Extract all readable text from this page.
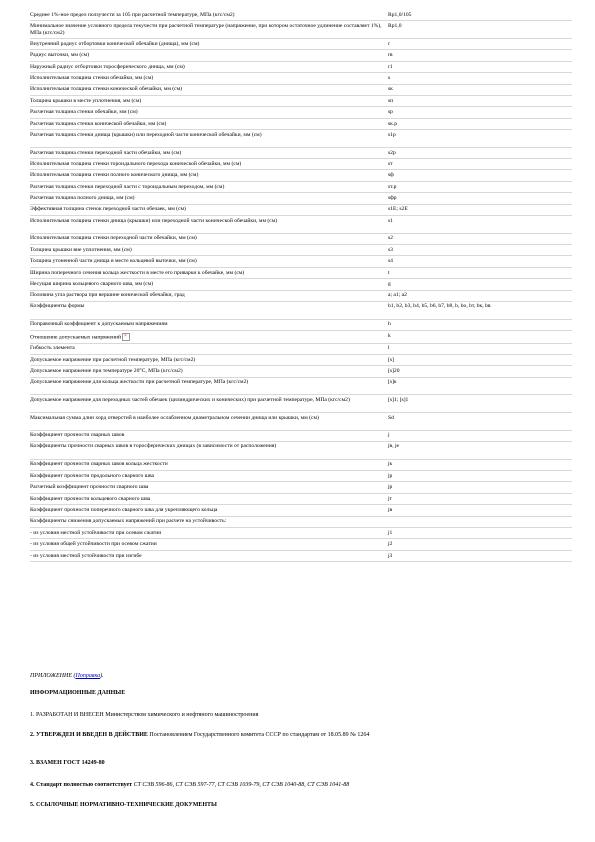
Среднее 1%-ное предел ползучести за 105 при расчетной температуре, МПа (кгс/см2)	Rp1,0/105
Минимальное значение условного предела текучести при расчетной температуре (напряжение, при котором остаточное удлинение составляет 1%), МПа (кгс/см2)	Rp1,0
Внутренний радиус отбортовки конической обечайки (днища), мм (см)	r
Радиус выточки, мм (см)	rв
Наружный радиус отбортовки торосферического днища, мм (см)	r1
Исполнительная толщина стенки обечайки, мм (см)	s
Исполнительная толщина стенки конической обечайки, мм (см)	sк
Толщина крышки в месте уплотнения, мм (см)	sп
Расчетная толщина стенки обечайки, мм (см)	sр
Расчетная толщина стенки конической обечайки, мм (см)	sк.р
Расчетная толщина стенки днища (крышки) или переходной части конической обечайки, мм (см)	s1р
Расчетная толщина стенки переходной части обечайки, мм (см)	s2р
Исполнительная толщина стенки тороидального перехода конической обечайки, мм (см)	sт
Исполнительная толщина стенки полного конического днища, мм (см)	sф
Расчетная толщина стенки переходной части с тороидальным переходом, мм (см)	sт.р
Расчетная толщина полного днища, мм (см)	sфр
Эффективная толщина стенок переходной части обечаек, мм (см)	s1E; s2E
Исполнительная толщина стенки днища (крышки) или переходной части конической обечайки, мм (см)	s1
Исполнительная толщина стенки переходной части обечайки, мм (см)	s2
Толщина крышки вне уплотнения, мм (см)	s3
Толщина утоненной части днища в месте кольцевой выточки, мм (см)	s4
Ширина поперечного сечения кольца жесткости в месте его приварки к обечайке, мм (см)	t
Несущая ширина кольцевого сварного шва, мм (см)	g
Половина угла раствора при вершине конической обечайки, град	a; a1; a2
Коэффициенты формы	b1, b2, b3, b4, b5, b6, b7, b8, b, bo, bт, bк, bв
Поправочный коэффициент к допускаемым напряжениям	h
Отношение допускаемых напряжений×	k
Гибкость элемента	l
Допускаемое напряжение при расчетной температуре, МПа (кгс/см2)	[s]
Допускаемое напряжение при температуре 20°С, МПа (кгс/см2)	[s]20
Допускаемое напряжение для кольца жесткости при расчетной температуре, МПа (кгс/см2)	[s]к
Допускаемое напряжение для переходных частей обечаек (цилиндрических и конических) при расчетной температуре, МПа (кгс/см2)	[s]1; [s]1
Максимальная сумма длин хорд отверстий в наиболее ослабленном диаметральном сечении днища или крышки, мм (см)	Sd
Коэффициент прочности сварных швов	j
Коэффициенты прочности сварных швов в торосферических днищах (в зависимости от расположения)	jв, je
Коэффициент прочности сварных швов кольца жесткости	jк
Коэффициент прочности продольного сварного шва	jр
Расчетный коэффициент прочности сварного шва	jр
Коэффициент прочности кольцевого сварного шва	jт
Коэффициент прочности поперечного сварного шва для укрепляющего кольца	jв
Коэффициенты снижения допускаемых напряжений при расчете на устойчивость:	
- из условия местной устойчивости при осевом сжатии	j1
- из условия общей устойчивости при осевом сжатии	j2
- из условия местной устойчивости при изгибе	j3

ПРИЛОЖЕНИЕ (Поправка).

ИНФОРМАЦИОННЫЕ ДАННЫЕ

1. РАЗРАБОТАН И ВНЕСЕН Министерством химического и нефтяного машиностроения

2. УТВЕРЖДЕН И ВВЕДЕН В ДЕЙСТВИЕ Постановлением Государственного комитета СССР по стандартам от 18.05.89 № 1264

3. ВЗАМЕН ГОСТ 14249-80

4. Стандарт полностью соответствует СТ СЭВ 596-86, СТ СЭВ 597-77, СТ СЭВ 1039-79, СТ СЭВ 1040-88, СТ СЭВ 1041-88

5. ССЫЛОЧНЫЕ НОРМАТИВНО-ТЕХНИЧЕСКИЕ ДОКУМЕНТЫ
